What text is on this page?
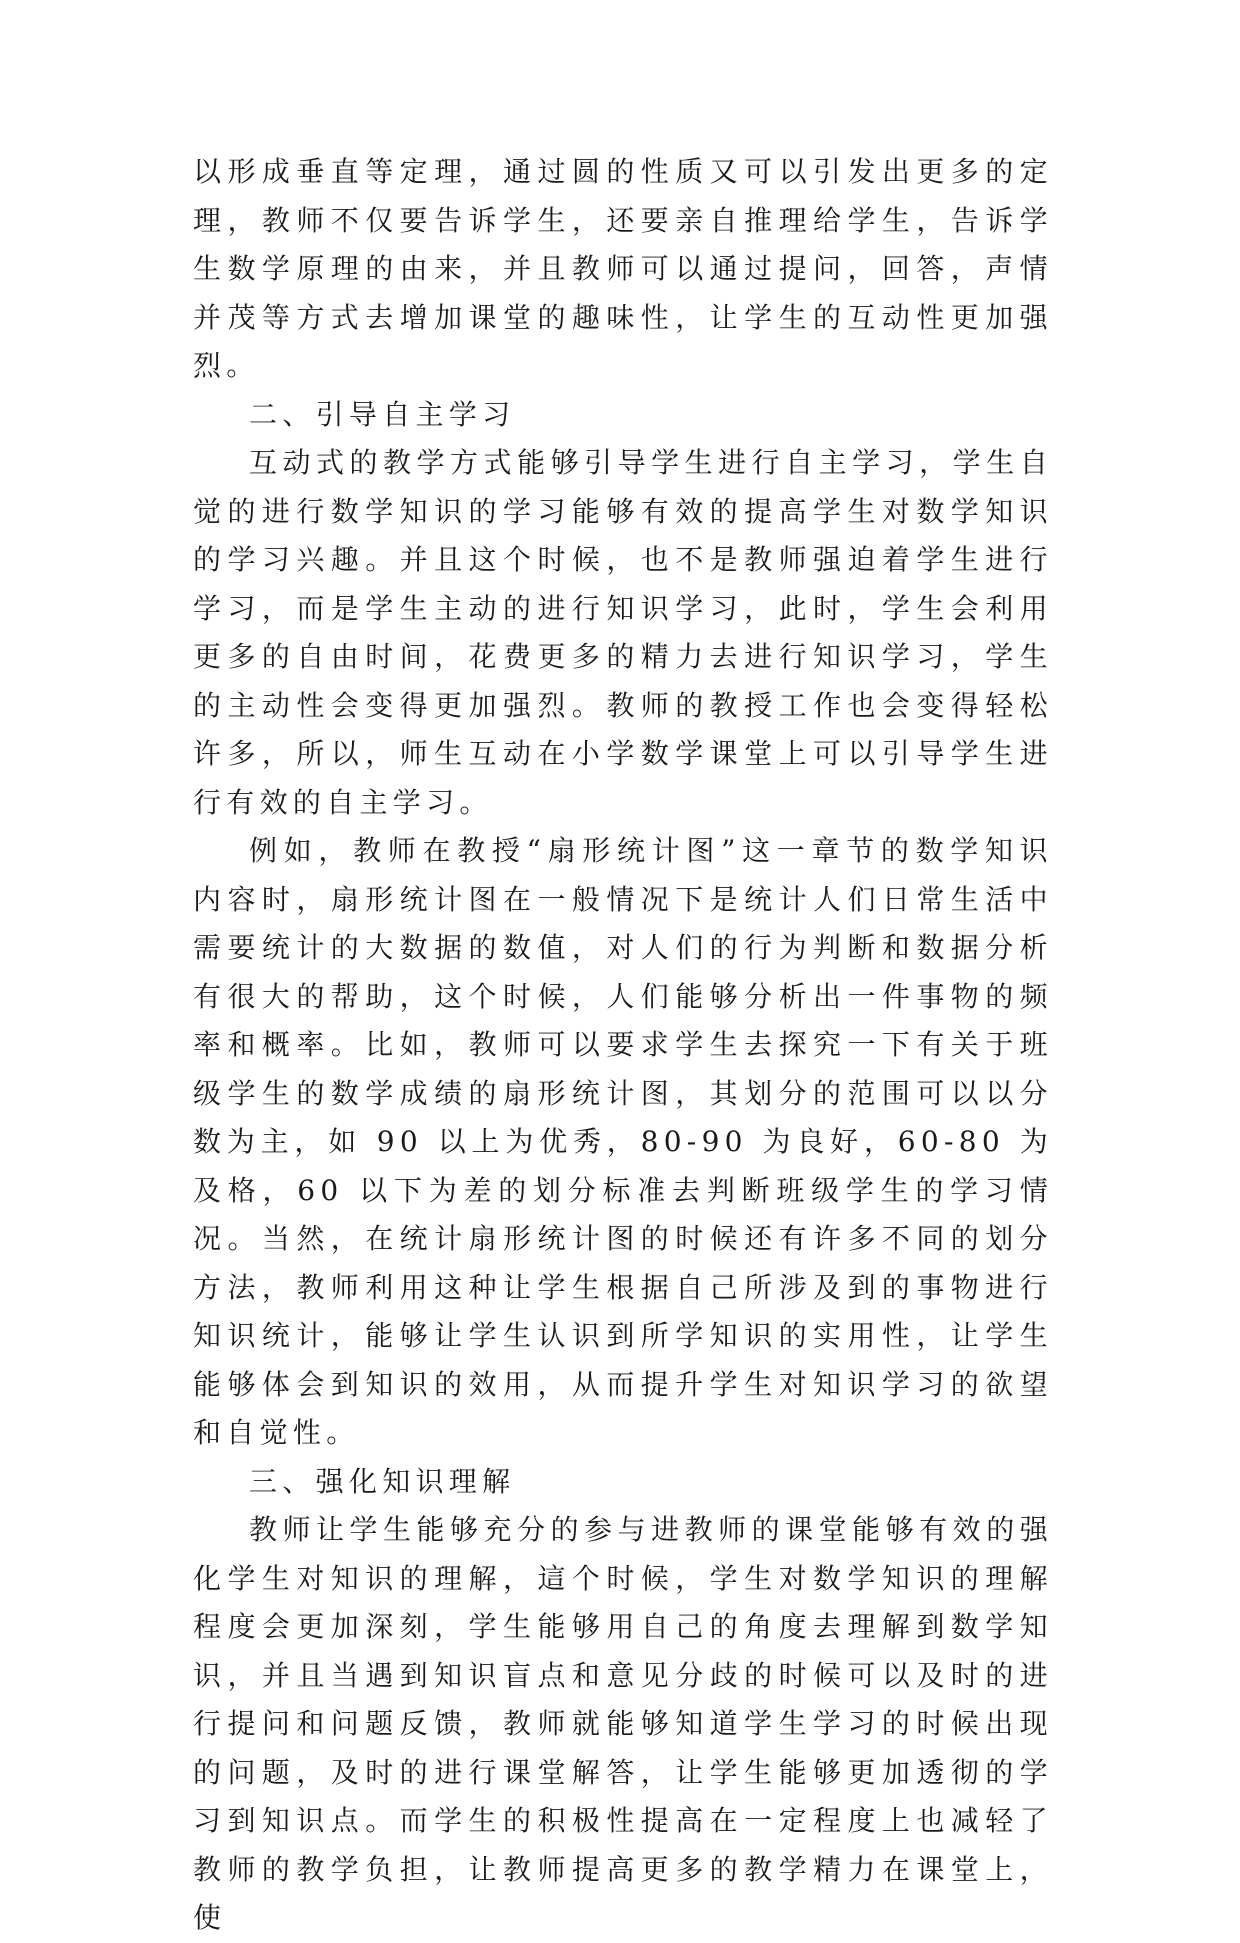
以形成垂直等定理，通过圆的性质又可以引发出更多的定理，教师不仅要告诉学生，还要亲自推理给学生，告诉学生数学原理的由来，并且教师可以通过提问，回答，声情并茂等方式去增加课堂的趣味性，让学生的互动性更加强烈。

二、引导自主学习

互动式的教学方式能够引导学生进行自主学习，学生自觉的进行数学知识的学习能够有效的提高学生对数学知识的学习兴趣。并且这个时候，也不是教师强迫着学生进行学习，而是学生主动的进行知识学习，此时，学生会利用更多的自由时间，花费更多的精力去进行知识学习，学生的主动性会变得更加强烈。教师的教授工作也会变得轻松许多，所以，师生互动在小学数学课堂上可以引导学生进行有效的自主学习。

例如，教师在教授“扇形统计图”这一章节的数学知识内容时，扇形统计图在一般情况下是统计人们日常生活中需要统计的大数据的数值，对人们的行为判断和数据分析有很大的帮助，这个时候，人们能够分析出一件事物的频率和概率。比如，教师可以要求学生去探究一下有关于班级学生的数学成绩的扇形统计图，其划分的范围可以以分数为主，如 90 以上为优秀，80-90 为良好，60-80 为及格，60 以下为差的划分标准去判断班级学生的学习情况。当然，在统计扇形统计图的时候还有许多不同的划分方法，教师利用这种让学生根据自己所涉及到的事物进行知识统计，能够让学生认识到所学知识的实用性，让学生能够体会到知识的效用，从而提升学生对知识学习的欲望和自觉性。

三、强化知识理解

教师让学生能够充分的参与进教师的课堂能够有效的强化学生对知识的理解，這个时候，学生对数学知识的理解程度会更加深刻，学生能够用自己的角度去理解到数学知识，并且当遇到知识盲点和意见分歧的时候可以及时的进行提问和问题反馈，教师就能够知道学生学习的时候出现的问题，及时的进行课堂解答，让学生能够更加透彻的学习到知识点。而学生的积极性提高在一定程度上也减轻了教师的教学负担，让教师提高更多的教学精力在课堂上，使
